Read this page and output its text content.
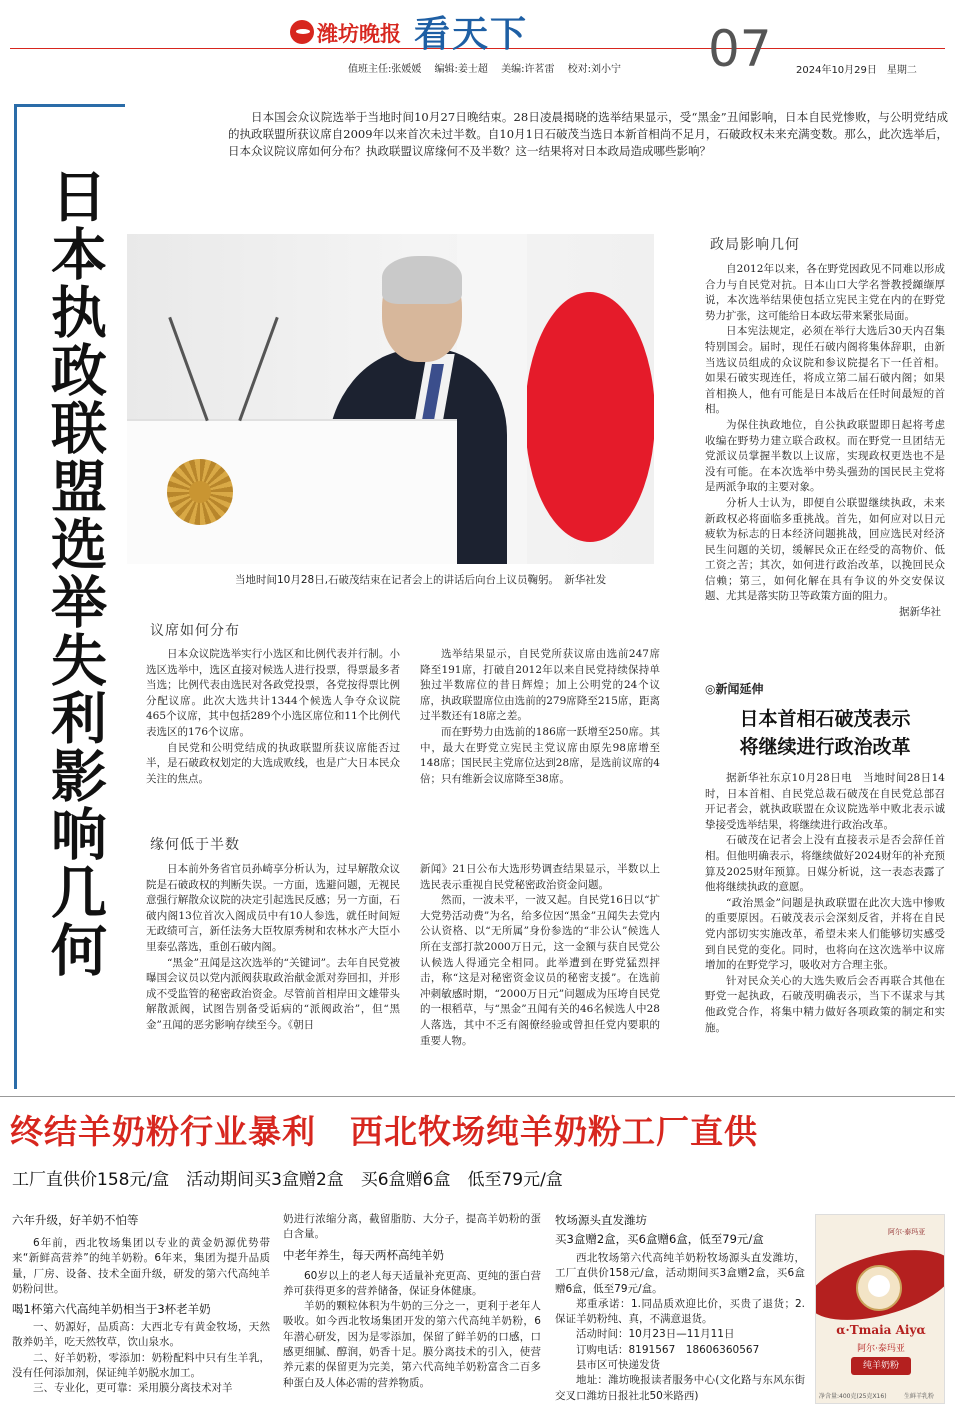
潍坊晚报 看天下
值班主任:张媛媛　 编辑:姜士超　 美编:许茗雷　 校对:刘小宁 07 2024年10月29日　星期二
日本执政联盟选举失利影响几何

日本国会众议院选举于当地时间10月27日晚结束。28日凌晨揭晓的选举结果显示，受“黑金”丑闻影响，日本自民党惨败，与公明党结成的执政联盟所获议席自2009年以来首次未过半数。自10月1日石破茂当选日本新首相尚不足月，石破政权未来充满变数。那么，此次选举后，日本众议院议席如何分布？执政联盟议席缘何不及半数？这一结果将对日本政局造成哪些影响？

当地时间10月28日,石破茂结束在记者会上的讲话后向台上议员鞠躬。　新华社发
议席如何分布

日本众议院选举实行小选区和比例代表并行制。小选区选举中，选区直接对候选人进行投票，得票最多者当选；比例代表由选民对各政党投票，各党按得票比例分配议席。此次大选共计1344个候选人争夺众议院465个议席，其中包括289个小选区席位和11个比例代表选区的176个议席。

自民党和公明党结成的执政联盟所获议席能否过半，是石破政权划定的大选成败线，也是广大日本民众关注的焦点。

选举结果显示，自民党所获议席由选前247席降至191席，打破自2012年以来自民党持续保持单独过半数席位的昔日辉煌；加上公明党的24个议席，执政联盟席位由选前的279席降至215席，距离过半数还有18席之差。

而在野势力由选前的186席一跃增至250席。其中，最大在野党立宪民主党议席由原先98席增至148席；国民民主党席位达到28席，是选前议席的4倍；只有维新会议席降至38席。

缘何低于半数

日本前外务省官员孙崎享分析认为，过早解散众议院是石破政权的判断失误。一方面，选避问题，无视民意强行解散众议院的决定引起选民反感；另一方面，石破内阁13位首次入阁成员中有10人参选，就任时间短无政绩可言，新任法务大臣牧原秀树和农林水产大臣小里泰弘落选，重创石破内阁。

“黑金”丑闻是这次选举的“关键词”。去年自民党被曝国会议员以党内派阀获取政治献金派对券回扣，并形成不受监管的秘密政治资金。尽管前首相岸田文雄带头解散派阀，试图告别备受诟病的“派阀政治”，但“黑金”丑闻的恶劣影响存续至今。《朝日

新闻》21日公布大选形势调查结果显示，半数以上选民表示重视自民党秘密政治资金问题。

然而，一波未平，一波又起。自民党16日以“扩大党势活动费”为名，给多位因“黑金”丑闻失去党内公认资格、以“无所属”身份参选的“非公认”候选人所在支部打款2000万日元，这一金额与获自民党公认候选人得通完全相同。此举遭到在野党猛烈抨击，称“这是对秘密资金议员的秘密支援”。在选前冲刺敏感时期，“2000万日元”问题成为压垮自民党的一根稻草，与“黑金”丑闻有关的46名候选人中28人落选，其中不乏有阁僚经验或曾担任党内要职的重要人物。

政局影响几何

自2012年以来，各在野党因政见不同难以形成合力与自民党对抗。日本山口大学名誉教授纐缬厚说，本次选举结果使包括立宪民主党在内的在野党势力扩张，这可能给日本政坛带来紧张局面。

日本宪法规定，必须在举行大选后30天内召集特别国会。届时，现任石破内阁将集体辞职，由新当选议员组成的众议院和参议院提名下一任首相。如果石破实现连任，将成立第二届石破内阁；如果首相换人，他有可能是日本战后在任时间最短的首相。

为保住执政地位，自公执政联盟即日起将考虑收编在野势力建立联合政权。而在野党一旦团结无党派议员掌握半数以上议席，实现政权更迭也不是没有可能。在本次选举中势头强劲的国民民主党将是两派争取的主要对象。

分析人士认为，即便自公联盟继续执政，未来新政权必将面临多重挑战。首先，如何应对以日元疲软为标志的日本经济问题挑战，回应选民对经济民生问题的关切，缓解民众正在经受的高物价、低工资之苦；其次，如何进行政治改革，以挽回民众信赖；第三，如何化解在具有争议的外交安保议题、尤其是落实防卫等政策方面的阻力。

据新华社

◎新闻延伸
日本首相石破茂表示
将继续进行政治改革

据新华社东京10月28日电　当地时间28日14时，日本首相、自民党总裁石破茂在自民党总部召开记者会，就执政联盟在众议院选举中败北表示诚挚接受选举结果，将继续进行政治改革。

石破茂在记者会上没有直接表示是否会辞任首相。但他明确表示，将继续做好2024财年的补充预算及2025财年预算。日媒分析说，这一表态表露了他将继续执政的意愿。

“政治黑金”问题是执政联盟在此次大选中惨败的重要原因。石破茂表示会深刻反省，并将在自民党内部切实实施改革，希望未来人们能够切实感受到自民党的变化。同时，也将向在这次选举中议席增加的在野党学习，吸收对方合理主张。

针对民众关心的大选失败后会否再联合其他在野党一起执政，石破茂明确表示，当下不谋求与其他政党合作，将集中精力做好各项政策的制定和实施。

终结羊奶粉行业暴利　西北牧场纯羊奶粉工厂直供
工厂直供价158元/盒　活动期间买3盒赠2盒　买6盒赠6盒　低至79元/盒
六年升级，好羊奶不怕等
6年前，西北牧场集团以专业的黄金奶源优势带来“新鲜高营养”的纯羊奶粉。6年来，集团为提升品质量，厂房、设备、技术全面升级，研发的第六代高纯羊奶粉问世。
喝1杯第六代高纯羊奶相当于3杯老羊奶
一、奶源好，品质高：大西北专有黄金牧场，天然散养奶羊，吃天然牧草，饮山泉水。
二、好羊奶粉，零添加：奶粉配料中只有生羊乳，没有任何添加剂，保证纯羊奶脱水加工。
三、专业化，更可靠：采用膜分离技术对羊
奶进行浓缩分离，截留脂肪、大分子，提高羊奶粉的蛋白含量。
中老年养生，每天两杯高纯羊奶
60岁以上的老人每天适量补充更高、更纯的蛋白营养可获得更多的营养储备，保证身体健康。
羊奶的颗粒体积为牛奶的三分之一，更利于老年人吸收。如今西北牧场集团开发的第六代高纯羊奶粉，6年潜心研发，因为是零添加，保留了鲜羊奶的口感，口感更细腻、醇润，奶香十足。膜分离技术的引入，使营养元素的保留更为完美，第六代高纯羊奶粉富含二百多种蛋白及人体必需的营养物质。
牧场源头直发潍坊
买3盒赠2盒，买6盒赠6盒，低至79元/盒
西北牧场第六代高纯羊奶粉牧场源头直发潍坊，工厂直供价158元/盒，活动期间买3盒赠2盒，买6盒赠6盒，低至79元/盒。
郑重承诺：1.同品质欢迎比价，买贵了退货；2.保证羊奶粉纯、真，不满意退货。
活动时间：10月23日—11月11日
订购电话：8191567　18606360567
县市区可快递发货
地址：潍坊晚报读者服务中心(文化路与东风东街交叉口潍坊日报社北50米路西)
阿尔·泰玛亚
α·Tmaia Aiyα
阿尔·泰玛亚
纯羊奶粉
净含量:400克(25克X16)	生鲜羊乳粉
